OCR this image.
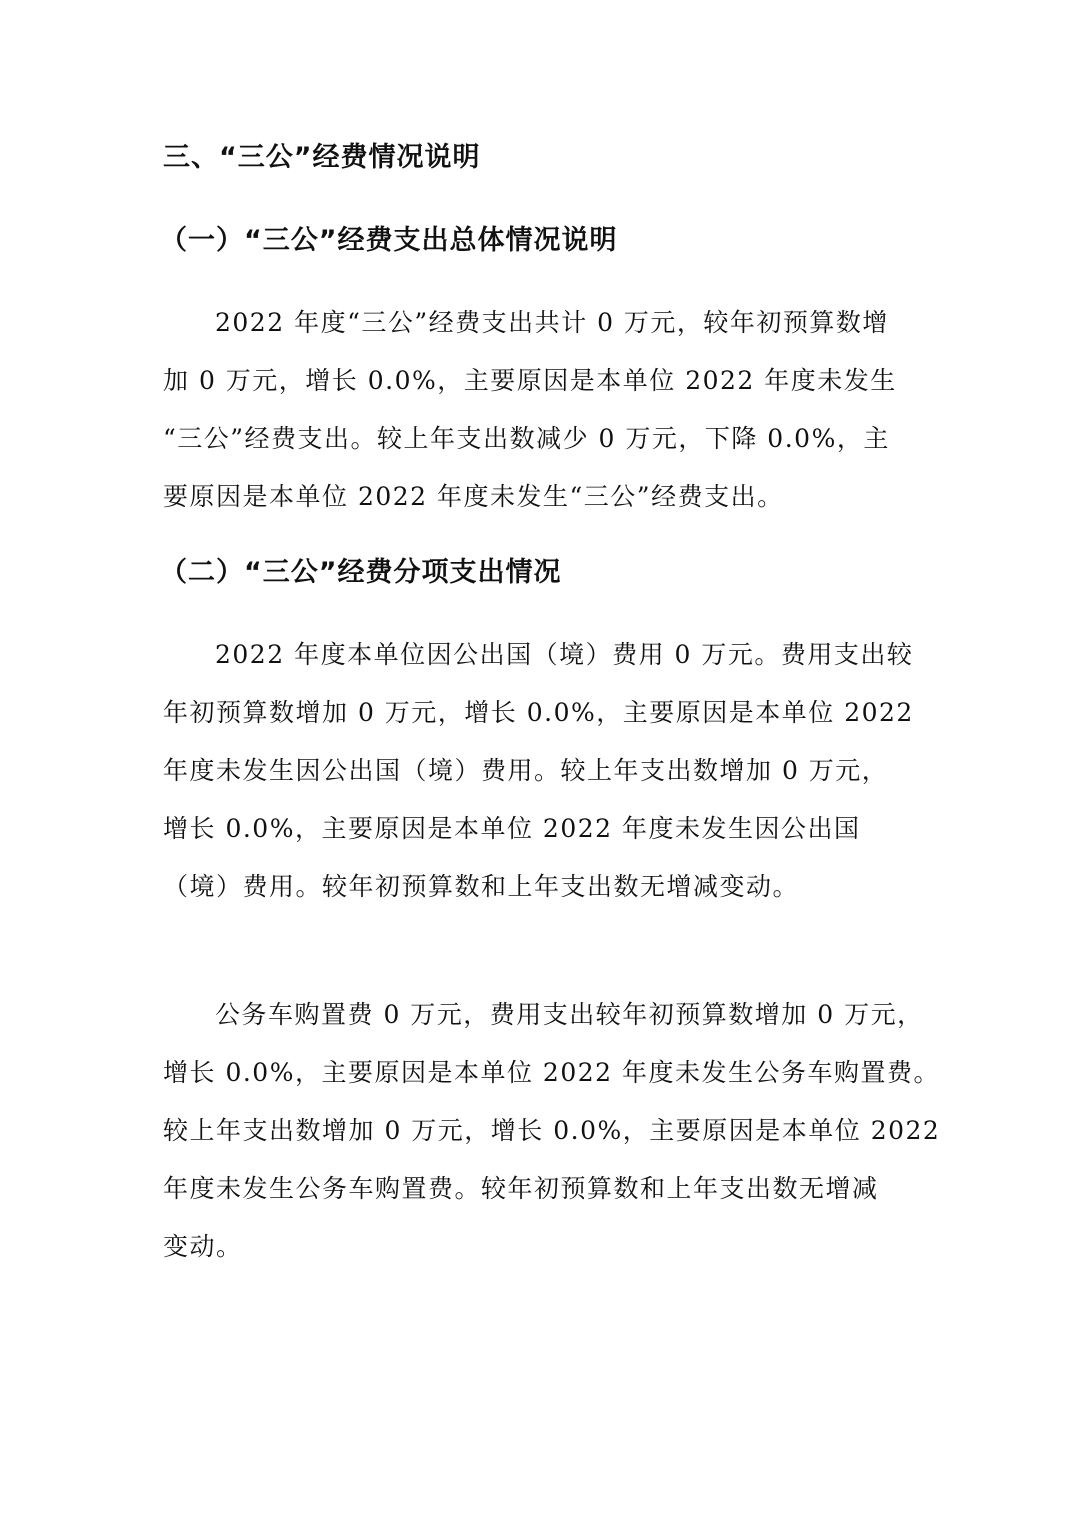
三、“三公”经费情况说明
（一）“三公”经费支出总体情况说明

2022 年度“三公”经费支出共计 0 万元，较年初预算数增
加 0 万元，增长 0.0%，主要原因是本单位 2022 年度未发生
“三公”经费支出。较上年支出数减少 0 万元，下降 0.0%，主
要原因是本单位 2022 年度未发生“三公”经费支出。

（二）“三公”经费分项支出情况

2022 年度本单位因公出国（境）费用 0 万元。费用支出较
年初预算数增加 0 万元，增长 0.0%，主要原因是本单位 2022
年度未发生因公出国（境）费用。较上年支出数增加 0 万元，
增长 0.0%，主要原因是本单位 2022 年度未发生因公出国
（境）费用。较年初预算数和上年支出数无增减变动。

公务车购置费 0 万元，费用支出较年初预算数增加 0 万元，
增长 0.0%，主要原因是本单位 2022 年度未发生公务车购置费。
较上年支出数增加 0 万元，增长 0.0%，主要原因是本单位 2022
年度未发生公务车购置费。较年初预算数和上年支出数无增减
变动。
